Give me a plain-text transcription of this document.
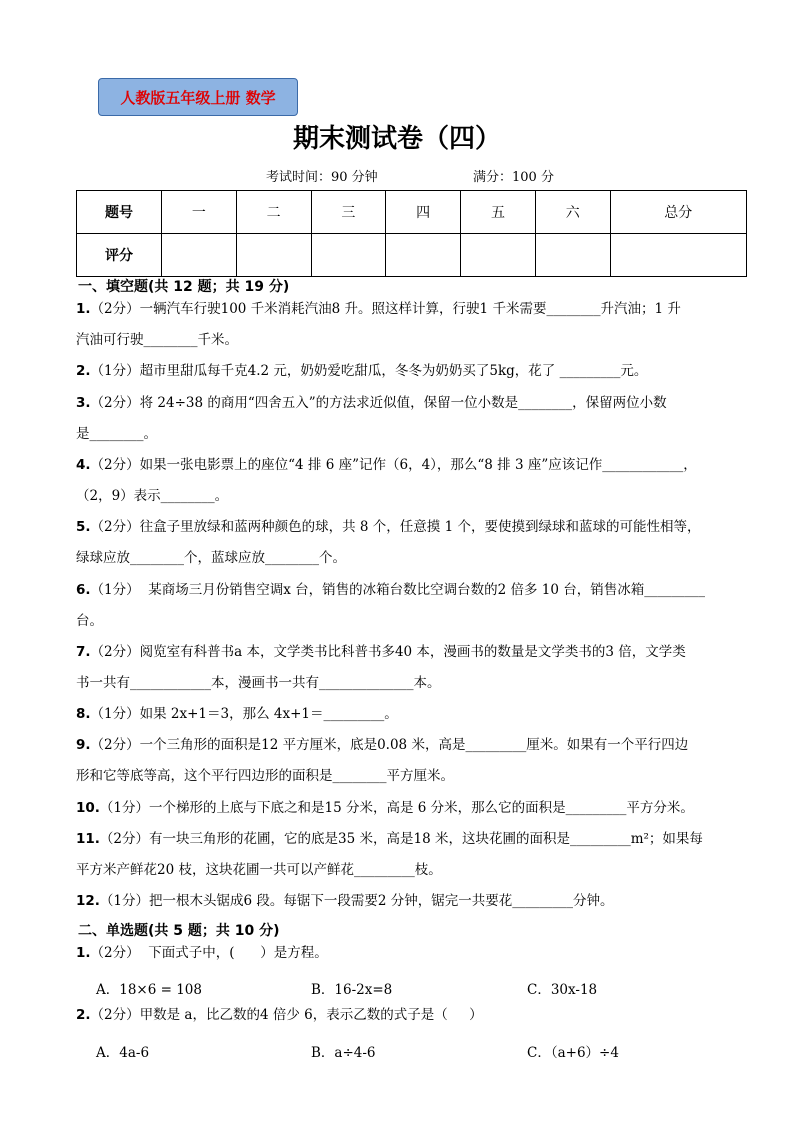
人教版五年级上册 数学
期末测试卷（四）
考试时间：90 分钟	满分：100 分
题号	一	二	三	四	五	六	总分
评分							
一、填空题(共 12 题；共 19 分)
1.（2分）一辆汽车行驶100 千米消耗汽油8 升。照这样计算，行驶1 千米需要________升汽油；1 升
汽油可行驶________千米。
2.（1分）超市里甜瓜每千克4.2 元，奶奶爱吃甜瓜，冬冬为奶奶买了5kg，花了 _________元。
3.（2分）将 24÷38 的商用“四舍五入”的方法求近似值，保留一位小数是________，保留两位小数
是________。
4.（2分）如果一张电影票上的座位“4 排 6 座”记作（6，4），那么“8 排 3 座”应该记作____________，
（2，9）表示________。
5.（2分）往盒子里放绿和蓝两种颜色的球，共 8 个，任意摸 1 个，要使摸到绿球和蓝球的可能性相等，
绿球应放________个，蓝球应放________个。
6.（1分）  某商场三月份销售空调x 台，销售的冰箱台数比空调台数的2 倍多 10 台，销售冰箱_________
台。
7.（2分）阅览室有科普书a 本，文学类书比科普书多40 本，漫画书的数量是文学类书的3 倍，文学类
书一共有____________本，漫画书一共有______________本。
8.（1分）如果 2x+1＝3，那么 4x+1＝_________。
9.（2分）一个三角形的面积是12 平方厘米，底是0.08 米，高是_________厘米。如果有一个平行四边
形和它等底等高，这个平行四边形的面积是________平方厘米。
10.（1分）一个梯形的上底与下底之和是15 分米，高是 6 分米，那么它的面积是_________平方分米。
11.（2分）有一块三角形的花圃，它的底是35 米，高是18 米，这块花圃的面积是_________m²；如果每
平方米产鲜花20 枝，这块花圃一共可以产鲜花_________枝。
12.（1分）把一根木头锯成6 段。每锯下一段需要2 分钟，锯完一共要花_________分钟。
二、单选题(共 5 题；共 10 分)
1.（2分）  下面式子中，(      ）是方程。
A．18×6 = 108	B．16-2x=8	C．30x-18
2.（2分）甲数是 a，比乙数的4 倍少 6，表示乙数的式子是（     ）
A．4a-6	B．a÷4-6	C．（a+6）÷4
